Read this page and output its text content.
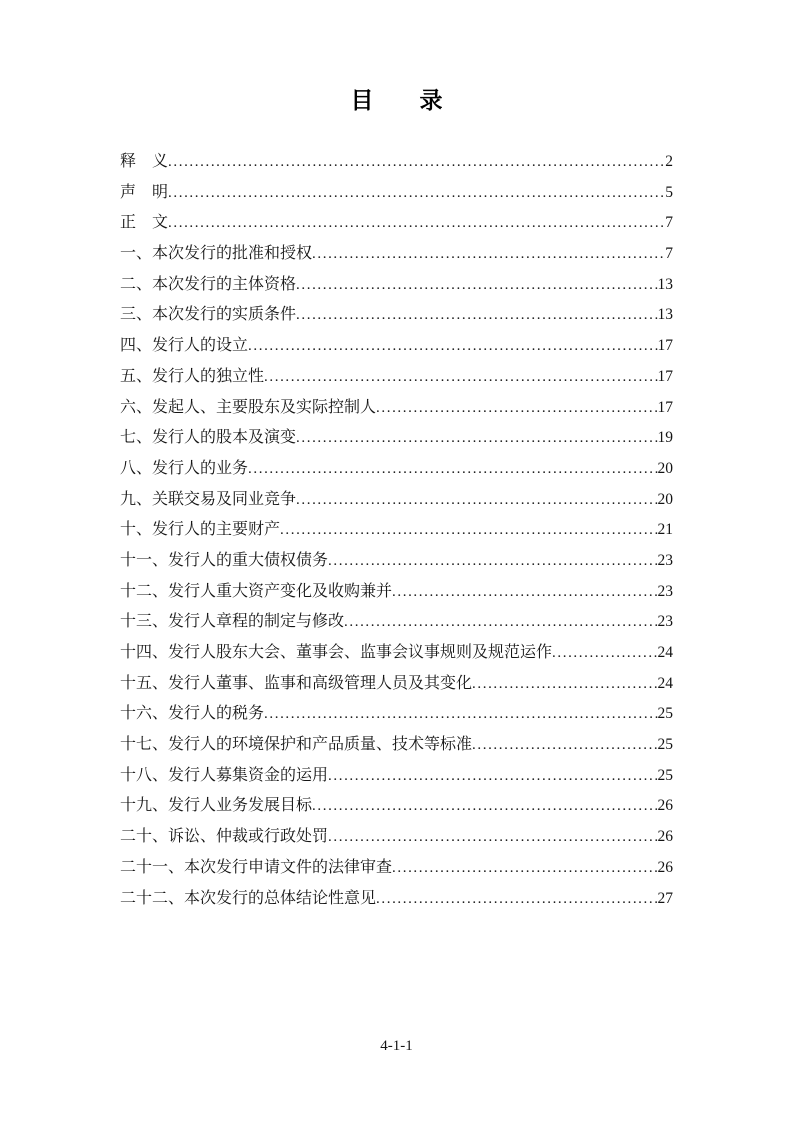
目　　录
释　义 .....	2
声　明 .....	5
正　文 .....	7
一、本次发行的批准和授权 .....	7
二、本次发行的主体资格 .....	13
三、本次发行的实质条件 .....	13
四、发行人的设立 .....	17
五、发行人的独立性 .....	17
六、发起人、主要股东及实际控制人 .....	17
七、发行人的股本及演变 .....	19
八、发行人的业务 .....	20
九、关联交易及同业竞争 .....	20
十、发行人的主要财产 .....	21
十一、发行人的重大债权债务 .....	23
十二、发行人重大资产变化及收购兼并 .....	23
十三、发行人章程的制定与修改 .....	23
十四、发行人股东大会、董事会、监事会议事规则及规范运作 .....	24
十五、发行人董事、监事和高级管理人员及其变化 .....	24
十六、发行人的税务 .....	25
十七、发行人的环境保护和产品质量、技术等标准 .....	25
十八、发行人募集资金的运用 .....	25
十九、发行人业务发展目标 .....	26
二十、诉讼、仲裁或行政处罚 .....	26
二十一、本次发行申请文件的法律审查 .....	26
二十二、本次发行的总体结论性意见 .....	27
4-1-1
